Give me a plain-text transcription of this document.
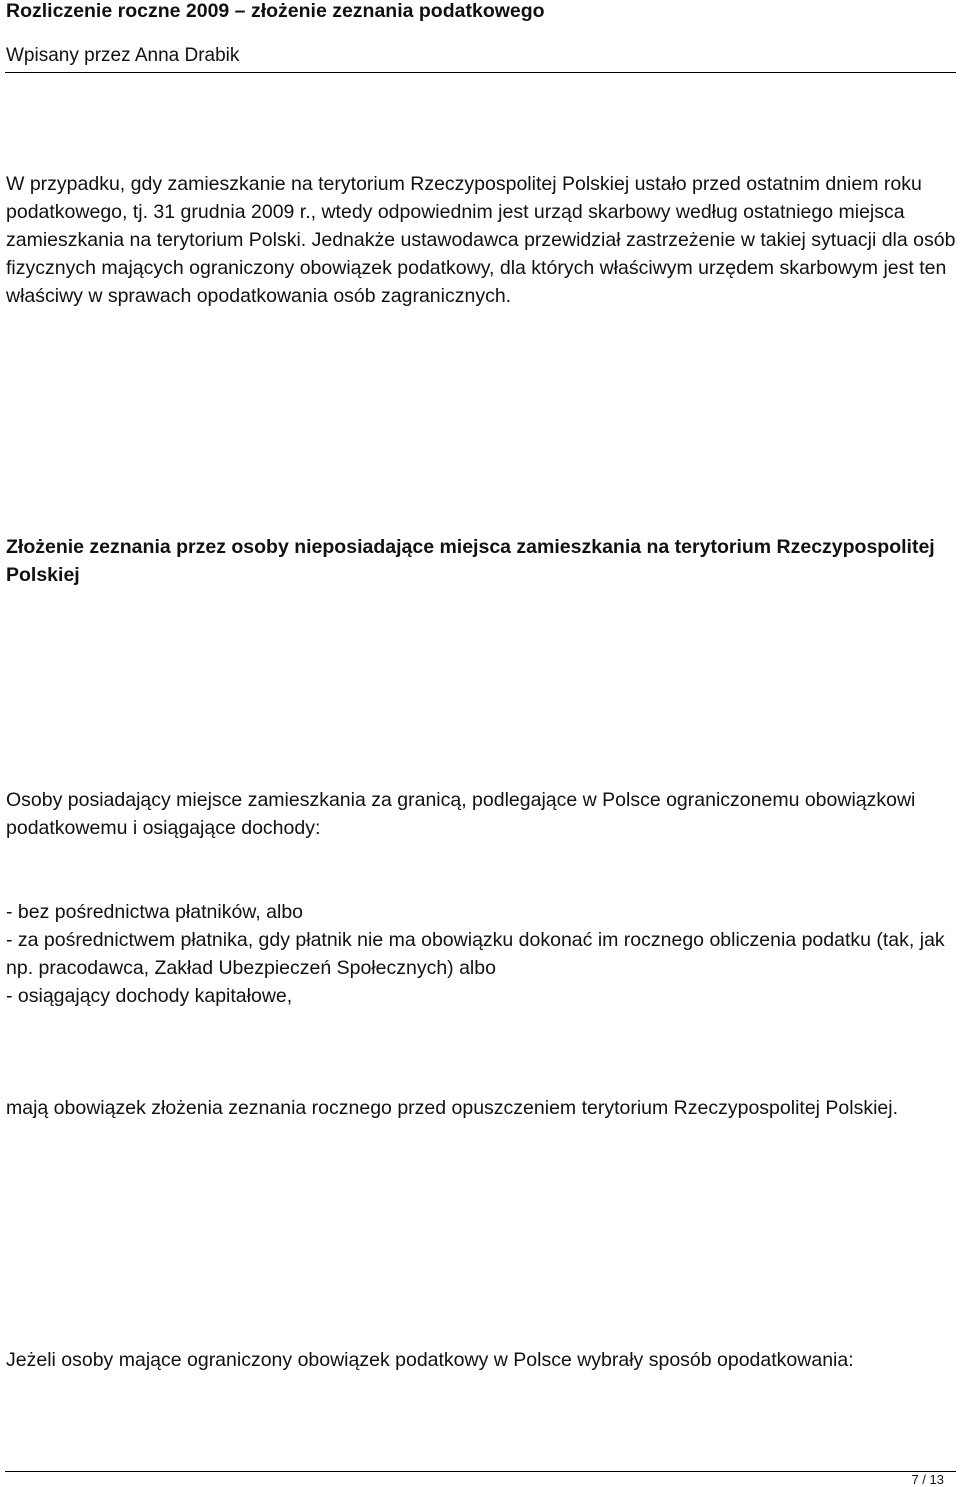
Rozliczenie roczne 2009 – złożenie zeznania podatkowego
Wpisany przez Anna Drabik
W przypadku, gdy zamieszkanie na terytorium Rzeczypospolitej Polskiej ustało przed ostatnim dniem roku podatkowego, tj. 31 grudnia 2009 r., wtedy odpowiednim jest urząd skarbowy według ostatniego miejsca zamieszkania na terytorium Polski. Jednakże ustawodawca przewidział zastrzeżenie w takiej sytuacji dla osób fizycznych mających ograniczony obowiązek podatkowy, dla których właściwym urzędem skarbowym jest ten właściwy w sprawach opodatkowania osób zagranicznych.
Złożenie zeznania przez osoby nieposiadające miejsca zamieszkania na terytorium Rzeczypospolitej Polskiej
Osoby posiadający miejsce zamieszkania za granicą, podlegające w Polsce ograniczonemu obowiązkowi podatkowemu i osiągające dochody:
- bez pośrednictwa płatników, albo
- za pośrednictwem płatnika, gdy płatnik nie ma obowiązku dokonać im rocznego obliczenia podatku (tak, jak np. pracodawca, Zakład Ubezpieczeń Społecznych) albo
- osiągający dochody kapitałowe,
mają obowiązek złożenia zeznania rocznego przed opuszczeniem terytorium Rzeczypospolitej Polskiej.
Jeżeli osoby mające ograniczony obowiązek podatkowy w Polsce wybrały sposób opodatkowania:
7 / 13
